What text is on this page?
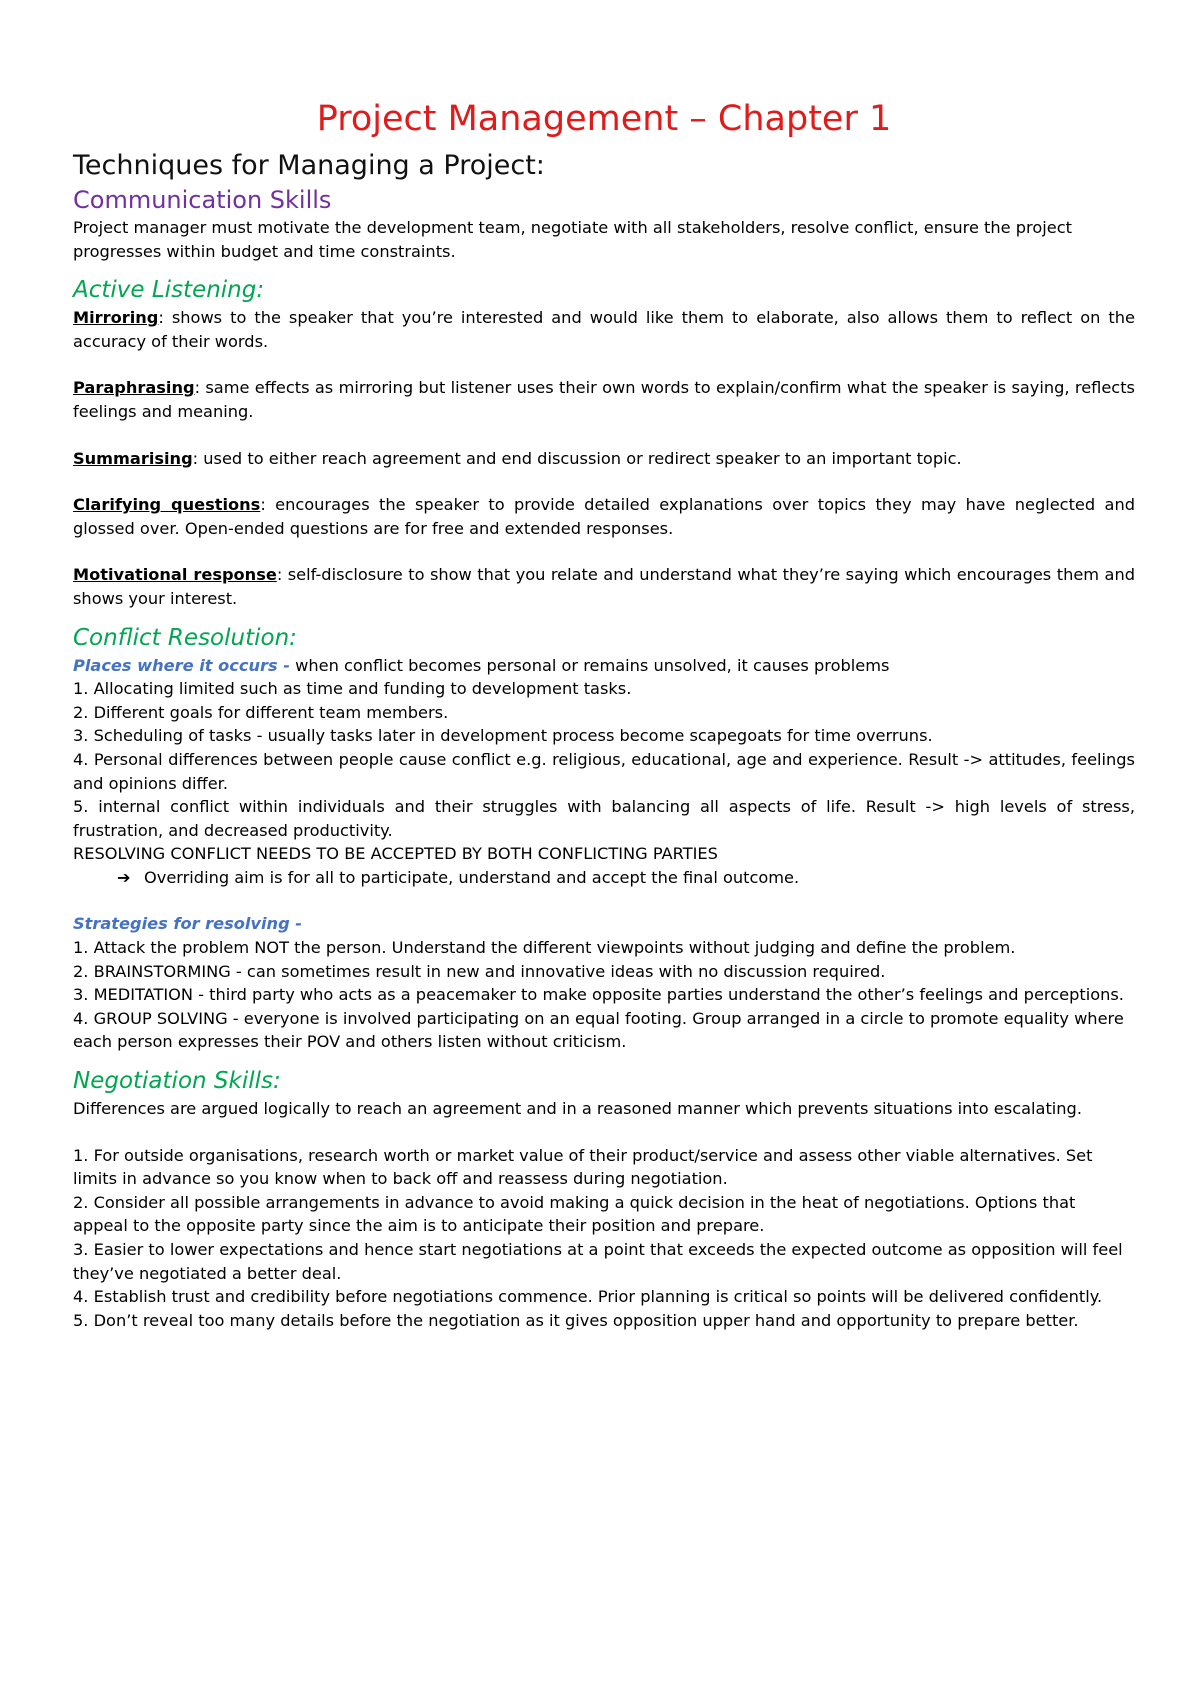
Project Management – Chapter 1
Techniques for Managing a Project:
Communication Skills

Project manager must motivate the development team, negotiate with all stakeholders, resolve conflict, ensure the project progresses within budget and time constraints.

Active Listening:

Mirroring: shows to the speaker that you’re interested and would like them to elaborate, also allows them to reflect on the accuracy of their words.

Paraphrasing: same effects as mirroring but listener uses their own words to explain/confirm what the speaker is saying, reflects feelings and meaning.

Summarising: used to either reach agreement and end discussion or redirect speaker to an important topic.

Clarifying questions: encourages the speaker to provide detailed explanations over topics they may have neglected and glossed over. Open-ended questions are for free and extended responses.

Motivational response: self-disclosure to show that you relate and understand what they’re saying which encourages them and shows your interest.

Conflict Resolution:

Places where it occurs - when conflict becomes personal or remains unsolved, it causes problems

1. Allocating limited such as time and funding to development tasks.

2. Different goals for different team members.

3. Scheduling of tasks - usually tasks later in development process become scapegoats for time overruns.

4. Personal differences between people cause conflict e.g. religious, educational, age and experience. Result -> attitudes, feelings and opinions differ.

5. internal conflict within individuals and their struggles with balancing all aspects of life. Result -> high levels of stress, frustration, and decreased productivity.

RESOLVING CONFLICT NEEDS TO BE ACCEPTED BY BOTH CONFLICTING PARTIES

➔ Overriding aim is for all to participate, understand and accept the final outcome.

Strategies for resolving -

1. Attack the problem NOT the person. Understand the different viewpoints without judging and define the problem.

2. BRAINSTORMING - can sometimes result in new and innovative ideas with no discussion required.

3. MEDITATION - third party who acts as a peacemaker to make opposite parties understand the other’s feelings and perceptions.

4. GROUP SOLVING - everyone is involved participating on an equal footing. Group arranged in a circle to promote equality where each person expresses their POV and others listen without criticism.

Negotiation Skills:

Differences are argued logically to reach an agreement and in a reasoned manner which prevents situations into escalating.

1. For outside organisations, research worth or market value of their product/service and assess other viable alternatives. Set limits in advance so you know when to back off and reassess during negotiation.

2. Consider all possible arrangements in advance to avoid making a quick decision in the heat of negotiations. Options that appeal to the opposite party since the aim is to anticipate their position and prepare.

3. Easier to lower expectations and hence start negotiations at a point that exceeds the expected outcome as opposition will feel they’ve negotiated a better deal.

4. Establish trust and credibility before negotiations commence. Prior planning is critical so points will be delivered confidently.

5. Don’t reveal too many details before the negotiation as it gives opposition upper hand and opportunity to prepare better.
